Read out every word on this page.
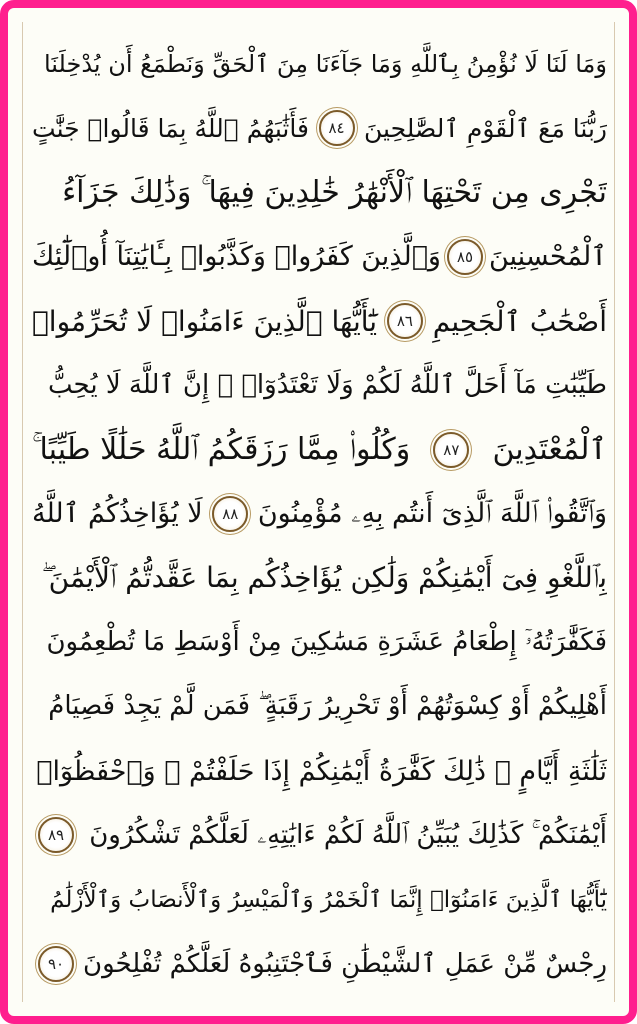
وَمَا لَنَا لَا نُؤْمِنُ بِٱللَّهِ وَمَا جَآءَنَا مِنَ ٱلْحَقِّ وَنَطْمَعُ أَن يُدْخِلَنَا
رَبُّنَا مَعَ ٱلْقَوْمِ ٱلصَّٰلِحِينَ
٨٤
فَأَثَٰبَهُمُ ٱللَّهُ بِمَا قَالُوا۟ جَنَّٰتٍ
تَجْرِى مِن تَحْتِهَا ٱلْأَنْهَٰرُ خَٰلِدِينَ فِيهَا ۚ وَذَٰلِكَ جَزَآءُ
ٱلْمُحْسِنِينَ
٨٥
وَٱلَّذِينَ كَفَرُوا۟ وَكَذَّبُوا۟ بِـَٔايَٰتِنَآ أُو۟لَٰٓئِكَ
أَصْحَٰبُ ٱلْجَحِيمِ
٨٦
يَٰٓأَيُّهَا ٱلَّذِينَ ءَامَنُوا۟ لَا تُحَرِّمُوا۟
طَيِّبَٰتِ مَآ أَحَلَّ ٱللَّهُ لَكُمْ وَلَا تَعْتَدُوٓا۟ ۚ إِنَّ ٱللَّهَ لَا يُحِبُّ
ٱلْمُعْتَدِينَ
٨٧
وَكُلُوا۟ مِمَّا رَزَقَكُمُ ٱللَّهُ حَلَٰلًا طَيِّبًا ۚ
وَٱتَّقُوا۟ ٱللَّهَ ٱلَّذِىٓ أَنتُم بِهِۦ مُؤْمِنُونَ
٨٨
لَا يُؤَاخِذُكُمُ ٱللَّهُ
بِٱللَّغْوِ فِىٓ أَيْمَٰنِكُمْ وَلَٰكِن يُؤَاخِذُكُم بِمَا عَقَّدتُّمُ ٱلْأَيْمَٰنَ ۖ
فَكَفَّٰرَتُهُۥٓ إِطْعَامُ عَشَرَةِ مَسَٰكِينَ مِنْ أَوْسَطِ مَا تُطْعِمُونَ
أَهْلِيكُمْ أَوْ كِسْوَتُهُمْ أَوْ تَحْرِيرُ رَقَبَةٍ ۖ فَمَن لَّمْ يَجِدْ فَصِيَامُ
ثَلَٰثَةِ أَيَّامٍ ۚ ذَٰلِكَ كَفَّٰرَةُ أَيْمَٰنِكُمْ إِذَا حَلَفْتُمْ ۚ وَٱحْفَظُوٓا۟
أَيْمَٰنَكُمْ ۚ كَذَٰلِكَ يُبَيِّنُ ٱللَّهُ لَكُمْ ءَايَٰتِهِۦ لَعَلَّكُمْ تَشْكُرُونَ
٨٩
يَٰٓأَيُّهَا ٱلَّذِينَ ءَامَنُوٓا۟ إِنَّمَا ٱلْخَمْرُ وَٱلْمَيْسِرُ وَٱلْأَنصَابُ وَٱلْأَزْلَٰمُ
رِجْسٌ مِّنْ عَمَلِ ٱلشَّيْطَٰنِ فَٱجْتَنِبُوهُ لَعَلَّكُمْ تُفْلِحُونَ
٩٠
